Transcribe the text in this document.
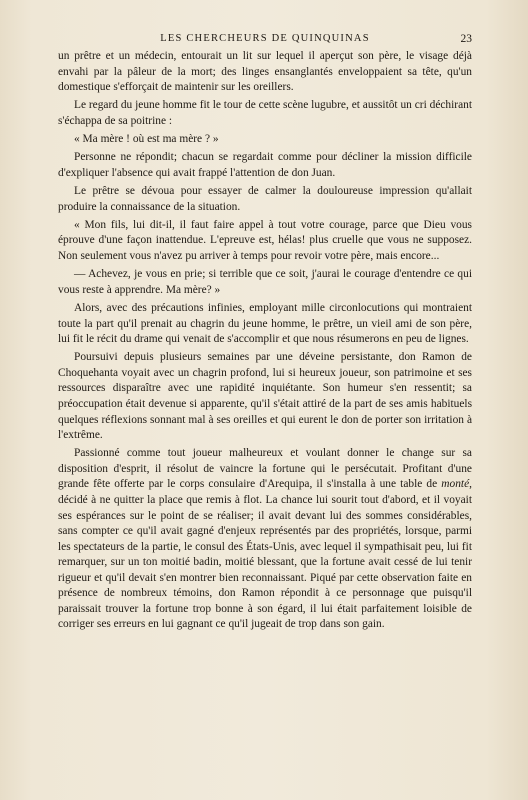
LES CHERCHEURS DE QUINQUINAS	23

un prêtre et un médecin, entourait un lit sur lequel il aperçut son père, le visage déjà envahi par la pâleur de la mort; des linges ensanglantés enveloppaient sa tête, qu'un domestique s'efforçait de maintenir sur les oreillers.

Le regard du jeune homme fit le tour de cette scène lugubre, et aussitôt un cri déchirant s'échappa de sa poitrine :

« Ma mère ! où est ma mère ? »

Personne ne répondit; chacun se regardait comme pour décliner la mission difficile d'expliquer l'absence qui avait frappé l'attention de don Juan.

Le prêtre se dévoua pour essayer de calmer la douloureuse impression qu'allait produire la connaissance de la situation.

« Mon fils, lui dit-il, il faut faire appel à tout votre courage, parce que Dieu vous éprouve d'une façon inattendue. L'epreuve est, hélas! plus cruelle que vous ne supposez. Non seulement vous n'avez pu arriver à temps pour revoir votre père, mais encore...

— Achevez, je vous en prie; si terrible que ce soit, j'aurai le courage d'entendre ce qui vous reste à apprendre. Ma mère? »

Alors, avec des précautions infinies, employant mille circonlocutions qui montraient toute la part qu'il prenait au chagrin du jeune homme, le prêtre, un vieil ami de son père, lui fit le récit du drame qui venait de s'accomplir et que nous résumerons en peu de lignes.

Poursuivi depuis plusieurs semaines par une déveine persistante, don Ramon de Choquehanta voyait avec un chagrin profond, lui si heureux joueur, son patrimoine et ses ressources disparaître avec une rapidité inquiétante. Son humeur s'en ressentit; sa préoccupation était devenue si apparente, qu'il s'était attiré de la part de ses amis habituels quelques réflexions sonnant mal à ses oreilles et qui eurent le don de porter son irritation à l'extrême.

Passionné comme tout joueur malheureux et voulant donner le change sur sa disposition d'esprit, il résolut de vaincre la fortune qui le persécutait. Profitant d'une grande fête offerte par le corps consulaire d'Arequipa, il s'installa à une table de monté, décidé à ne quitter la place que remis à flot. La chance lui sourit tout d'abord, et il voyait ses espérances sur le point de se réaliser; il avait devant lui des sommes considérables, sans compter ce qu'il avait gagné d'enjeux représentés par des propriétés, lorsque, parmi les spectateurs de la partie, le consul des États-Unis, avec lequel il sympathisait peu, lui fit remarquer, sur un ton moitié badin, moitié blessant, que la fortune avait cessé de lui tenir rigueur et qu'il devait s'en montrer bien reconnaissant. Piqué par cette observation faite en présence de nombreux témoins, don Ramon répondit à ce personnage que puisqu'il paraissait trouver la fortune trop bonne à son égard, il lui était parfaitement loisible de corriger ses erreurs en lui gagnant ce qu'il jugeait de trop dans son gain.
